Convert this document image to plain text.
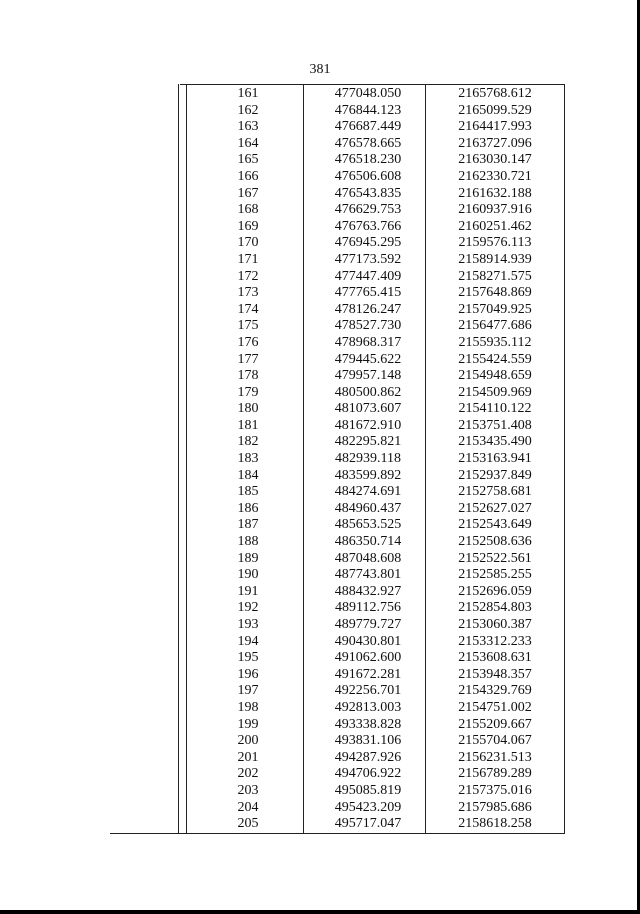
381
161	477048.050	2165768.612
162	476844.123	2165099.529
163	476687.449	2164417.993
164	476578.665	2163727.096
165	476518.230	2163030.147
166	476506.608	2162330.721
167	476543.835	2161632.188
168	476629.753	2160937.916
169	476763.766	2160251.462
170	476945.295	2159576.113
171	477173.592	2158914.939
172	477447.409	2158271.575
173	477765.415	2157648.869
174	478126.247	2157049.925
175	478527.730	2156477.686
176	478968.317	2155935.112
177	479445.622	2155424.559
178	479957.148	2154948.659
179	480500.862	2154509.969
180	481073.607	2154110.122
181	481672.910	2153751.408
182	482295.821	2153435.490
183	482939.118	2153163.941
184	483599.892	2152937.849
185	484274.691	2152758.681
186	484960.437	2152627.027
187	485653.525	2152543.649
188	486350.714	2152508.636
189	487048.608	2152522.561
190	487743.801	2152585.255
191	488432.927	2152696.059
192	489112.756	2152854.803
193	489779.727	2153060.387
194	490430.801	2153312.233
195	491062.600	2153608.631
196	491672.281	2153948.357
197	492256.701	2154329.769
198	492813.003	2154751.002
199	493338.828	2155209.667
200	493831.106	2155704.067
201	494287.926	2156231.513
202	494706.922	2156789.289
203	495085.819	2157375.016
204	495423.209	2157985.686
205	495717.047	2158618.258
